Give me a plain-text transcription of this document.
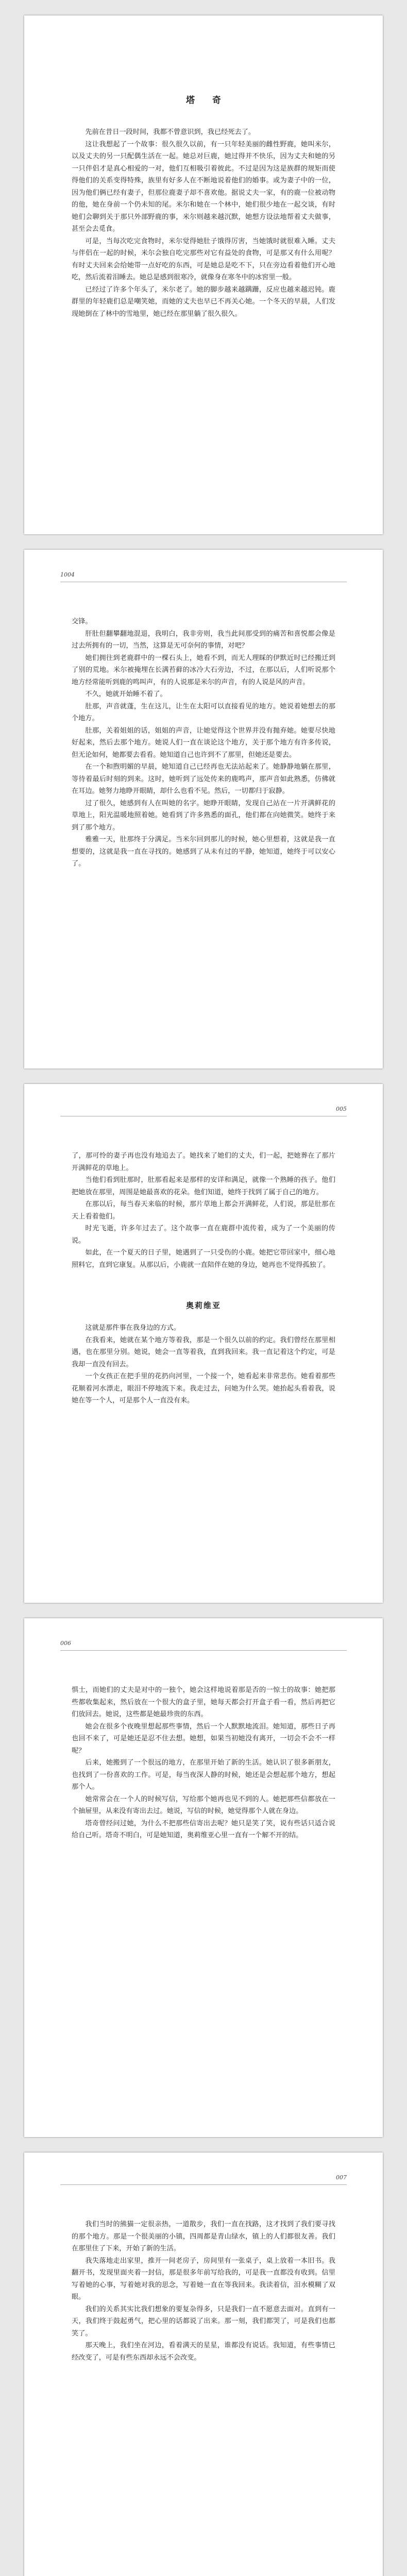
塔 奇

先前在昔日一段时间，我都不曾意识到，我已经死去了。

这让我想起了一个故事：很久很久以前，有一只年轻美丽的雌性野鹿，她叫米尔，以及丈夫的另一只配偶生活在一起。她总对巨鹿，她过得并不快乐，因为丈夫和她的另一只伴侣才是真心相爱的一对，他们互相吸引着彼此。不过是因为这是族群的规矩而使得他们的关系变得特殊，族里有好多人在不断地说着他们的婚事。或为妻子中的一位，因为他们俩已经有妻子，但那位鹿妻子却不喜欢他。据说丈夫一家，有的鹿一位被动物的他，她在身前一个仍未知的尾。米尔和她在一个林中，她们很少地在一起交谈，有时她们会聊到关于那只外部野鹿的事，米尔则越来越沉默，她想方设法地帮着丈夫做事，甚至会去觅食。

可是，当每次吃完食物时，米尔觉得她肚子饿得厉害，当她饿时就很难入睡。丈夫与伴侣在一起的时候，米尔会独自吃完那些对它有益处的食物，可是那又有什么用呢？有时丈夫回来会给她带一点好吃的东西，可是她总是吃不下，只在旁边看着他们开心地吃，然后流着泪睡去。她总是感到很寒冷，就像身在寒冬中的冰窖里一般。

已经过了许多个年头了，米尔老了。她的脚步越来越蹒跚，反应也越来越迟钝。鹿群里的年轻鹿们总是嘲笑她，而她的丈夫也早已不再关心她。一个冬天的早晨，人们发现她倒在了林中的雪地里，她已经在那里躺了很久很久。

1004

交锋。

肝肚但翻攀翻地混退，我明白，我非旁则，我当此间那受到的痛苦和喜悦都会像是过去所拥有的一切，当然，这算是无可奈何的事情，对吧？

她们拥往到老鹿群中的一棵石头上，她看不到，而无人理睬的伊默近时已经搬迁到了别的荒地。米尔被掩埋在长满苔藓的冰冷大石旁边，不过，在那以后，人们听说那个地方经常能听到鹿的鸣叫声，有的人说那是米尔的声音，有的人说是风的声音。

不久，她就开始睡不着了。

肚那，声音就蓬，生在这儿，让生在太阳可以直接看见的地方。她说着她想去的那个地方。

肚那，关着姐姐的话，姐姐的声音，让她觉得这个世界并没有抛弃她。她要尽快地好起来，然后去那个地方。她说人们一直在谈论这个地方，关于那个地方有许多传说，但无论如何，她都要去看看。她知道自己也许到不了那里，但她还是要去。

在一个和煦明媚的早晨，她知道自己已经再也无法站起来了。她静静地躺在那里，等待着最后时刻的到来。这时，她听到了远处传来的鹿鸣声，那声音如此熟悉，仿佛就在耳边。她努力地睁开眼睛，却什么也看不见。然后，一切都归于寂静。

过了很久，她感到有人在叫她的名字。她睁开眼睛，发现自己站在一片开满鲜花的草地上，阳光温暖地照着她。她看到了许多熟悉的面孔，他们都在向她微笑。她终于来到了那个地方。

雅雅一天，肚那终于分满足。当米尔回到那儿的时候，她心里想着，这就是我一直想要的，这就是我一直在寻找的。她感到了从未有过的平静，她知道，她终于可以安心了。

005

了，那可怜的妻子再也没有地追去了。她找来了她们的丈夫，们一起，把她葬在了那片开满鲜花的草地上。

当他们看到肚那时，肚那看起来是那样的安详和满足，就像一个熟睡的孩子。他们把她放在那里，周围是她最喜欢的花朵。他们知道，她终于找到了属于自己的地方。

在那以后，每当春天来临的时候，那片草地上都会开满鲜花，人们说，那是肚那在天上看着他们。

时光飞逝，许多年过去了。这个故事一直在鹿群中流传着，成为了一个美丽的传说。

如此，在一个夏天的日子里，她遇到了一只受伤的小鹿。她把它带回家中，细心地照料它，直到它康复。从那以后，小鹿就一直陪伴在她的身边，她再也不觉得孤独了。

奥莉维亚

这就是那件事在我身边的方式。

在我看来，她就在某个地方等着我，那是一个很久以前的约定。我们曾经在那里相遇，也在那里分别。她说，她会一直等着我，直到我回来。我一直记着这个约定，可是我却一直没有回去。

一个女孩正在把手里的花扔向河里，一个接一个，她看起来非常悲伤。她看着那些花顺着河水漂走，眼泪不停地流下来。我走过去，问她为什么哭。她抬起头看着我，说她在等一个人，可是那个人一直没有来。

006

惧士，而她们的丈夫是对中的一独个，她会这样地说着那是否的一惊士的故事：她把那些都收集起来，然后放在一个很大的盒子里，她每天都会打开盒子看一看，然后再把它们放回去。她说，这些都是她最珍贵的东西。

她会在很多个夜晚里想起那些事情，然后一个人默默地流泪。她知道，那些日子再也回不来了，可是她还是忍不住去想。她想，如果当初她没有离开，一切会不会不一样呢？

后来，她搬到了一个很远的地方，在那里开始了新的生活。她认识了很多新朋友，也找到了一份喜欢的工作。可是，每当夜深人静的时候，她还是会想起那个地方，想起那个人。

她常常会在一个人的时候写信，写给那个她再也见不到的人。她把那些信都放在一个抽屉里，从来没有寄出去过。她说，写信的时候，她觉得那个人就在身边。

塔奇曾经问过她，为什么不把那些信寄出去呢？她只是笑了笑，说有些话只适合说给自己听。塔奇不明白，可是她知道，奥莉维亚心里一直有一个解不开的结。

007

我们当时的熊猫一定很亲热，一道散步，我们一直在找路，这才找到了我们要寻找的那个地方。那是一个很美丽的小镇，四周都是青山绿水，镇上的人们都很友善。我们在那里住了下来，开始了新的生活。

我失落地走出家里，推开一间老房子，房间里有一张桌子，桌上放着一本旧书。我翻开书，发现里面夹着一封信，那是很多年前写给我的，可是我一直都没有收到。信里写着她的心事，写着她对我的思念，写着她一直在等我回来。我读着信，泪水模糊了双眼。

我们的关系其实比我们想象的要复杂得多，只是我们一直不愿意去面对。直到有一天，我们终于鼓起勇气，把心里的话都说了出来。那一刻，我们都哭了，可是我们也都笑了。

那天晚上，我们坐在河边，看着满天的星星，谁都没有说话。我知道，有些事情已经改变了，可是有些东西却永远不会改变。
